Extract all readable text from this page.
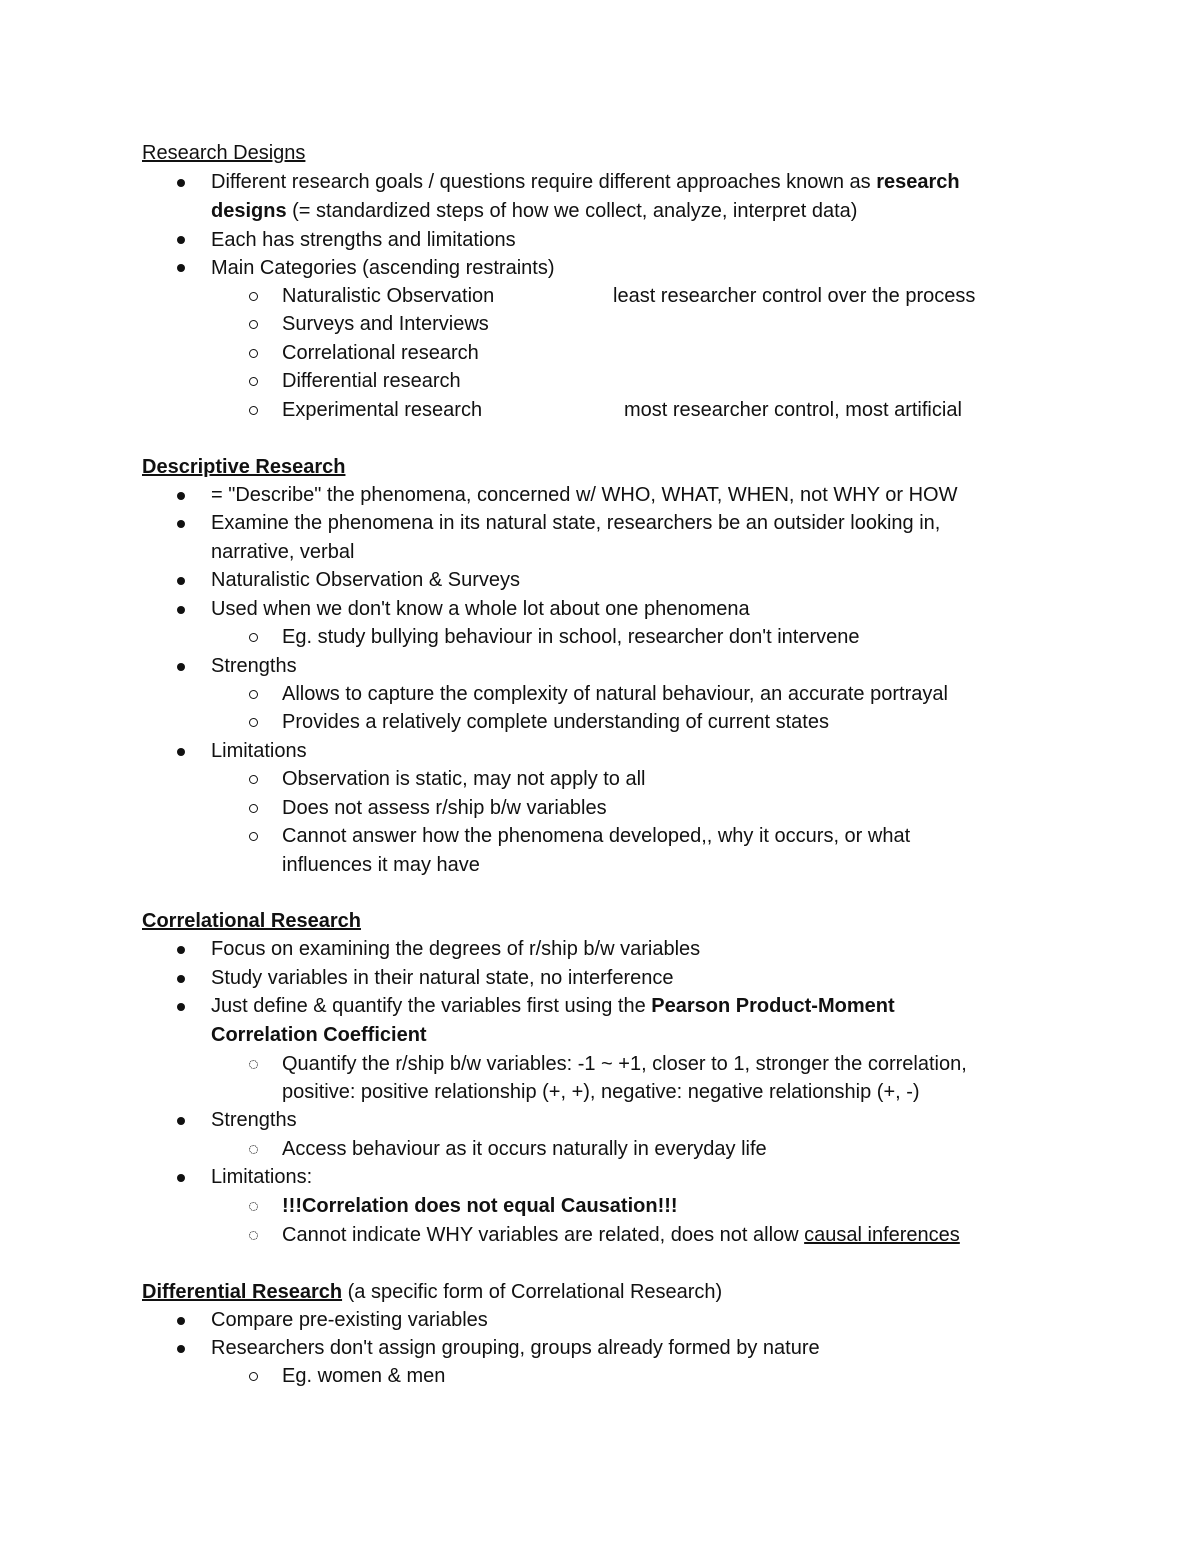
Research Designs
Different research goals / questions require different approaches known as research
designs (= standardized steps of how we collect, analyze, interpret data)
Each has strengths and limitations
Main Categories (ascending restraints)
Naturalistic Observation	least researcher control over the process
Surveys and Interviews
Correlational research
Differential research
Experimental research	most researcher control, most artificial
Descriptive Research
= "Describe" the phenomena, concerned w/ WHO, WHAT, WHEN, not WHY or HOW
Examine the phenomena in its natural state, researchers be an outsider looking in,
narrative, verbal
Naturalistic Observation & Surveys
Used when we don't know a whole lot about one phenomena
Eg. study bullying behaviour in school, researcher don't intervene
Strengths
Allows to capture the complexity of natural behaviour, an accurate portrayal
Provides a relatively complete understanding of current states
Limitations
Observation is static, may not apply to all
Does not assess r/ship b/w variables
Cannot answer how the phenomena developed,, why it occurs, or what
influences it may have
Correlational Research
Focus on examining the degrees of r/ship b/w variables
Study variables in their natural state, no interference
Just define & quantify the variables first using the Pearson Product-Moment
Correlation Coefficient
Quantify the r/ship b/w variables: -1 ~ +1, closer to 1, stronger the correlation,
positive: positive relationship (+, +), negative: negative relationship (+, -)
Strengths
Access behaviour as it occurs naturally in everyday life
Limitations:
!!!Correlation does not equal Causation!!!
Cannot indicate WHY variables are related, does not allow causal inferences
Differential Research (a specific form of Correlational Research)
Compare pre-existing variables
Researchers don't assign grouping, groups already formed by nature
Eg. women & men
